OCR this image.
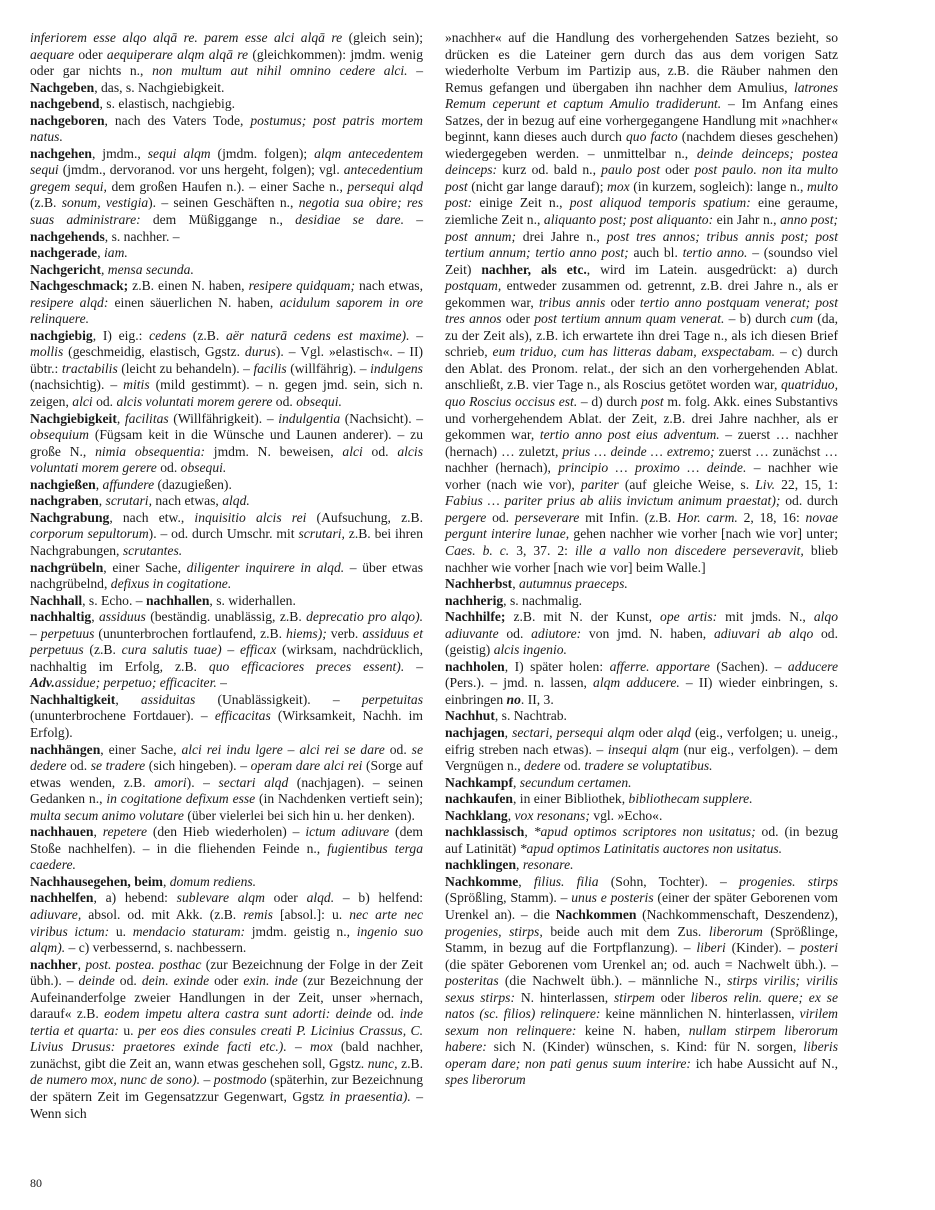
inferiorem esse alqo alqā re. parem esse alci alqā re (gleich sein); aequare oder aequiperare alqm alqā re (gleichkommen): jmdm. wenig oder gar nichts n., non multum aut nihil omnino cedere alci. – Nachgeben, das, s. Nachgiebigkeit.

nachgebend, s. elastisch, nachgiebig.

nachgeboren, nach des Vaters Tode, postumus; post patris mortem natus.

nachgehen, jmdm., sequi alqm (jmdm. folgen); alqm antecedentem sequi (jmdm., dervoranod. vor uns hergeht, folgen); vgl. antecedentium gregem sequi, dem großen Haufen n.). – einer Sache n., persequi alqd (z.B. sonum, vestigia). – seinen Geschäften n., negotia sua obire; res suas administrare: dem Müßiggange n., desidiae se dare. – nachgehends, s. nachher. –

nachgerade, iam.

Nachgericht, mensa secunda.

Nachgeschmack; z.B. einen N. haben, resipere quidquam; nach etwas, resipere alqd: einen säuerlichen N. haben, acidulum saporem in ore relinquere.

nachgiebig, I) eig.: cedens (z.B. aër naturā cedens est maxime). – mollis (geschmeidig, elastisch, Ggstz. durus). – Vgl. »elastisch«. – II) übtr.: tractabilis (leicht zu behandeln). – facilis (willfährig). – indulgens (nachsichtig). – mitis (mild gestimmt). – n. gegen jmd. sein, sich n. zeigen, alci od. alcis voluntati morem gerere od. obsequi.

Nachgiebigkeit, facilitas (Willfährigkeit). – indulgentia (Nachsicht). – obsequium (Fügsam keit in die Wünsche und Launen anderer). – zu große N., nimia obsequentia: jmdm. N. beweisen, alci od. alcis voluntati morem gerere od. obsequi.

nachgießen, affundere (dazugießen).

nachgraben, scrutari, nach etwas, alqd.

Nachgrabung, nach etw., inquisitio alcis rei (Aufsuchung, z.B. corporum sepultorum). – od. durch Umschr. mit scrutari, z.B. bei ihren Nachgrabungen, scrutantes.

nachgrübeln, einer Sache, diligenter inquirere in alqd. – über etwas nachgrübelnd, defixus in cogitatione.

Nachhall, s. Echo. – nachhallen, s. widerhallen.

nachhaltig, assiduus (beständig. unablässig, z.B. deprecatio pro alqo). – perpetuus (ununterbrochen fortlaufend, z.B. hiems); verb. assiduus et perpetuus (z.B. cura salutis tuae) – efficax (wirksam, nachdrücklich, nachhaltig im Erfolg, z.B. quo efficaciores preces essent). – Adv.assidue; perpetuo; efficaciter. –

Nachhaltigkeit, assiduitas (Unablässigkeit). – perpetuitas (ununterbrochene Fortdauer). – efficacitas (Wirksamkeit, Nachh. im Erfolg).

nachhängen, einer Sache, alci rei indu lgere – alci rei se dare od. se dedere od. se tradere (sich hingeben). – operam dare alci rei (Sorge auf etwas wenden, z.B. amori). – sectari alqd (nachjagen). – seinen Gedanken n., in cogitatione defixum esse (in Nachdenken vertieft sein); multa secum animo volutare (über vielerlei bei sich hin u. her denken).

nachhauen, repetere (den Hieb wiederholen) – ictum adiuvare (dem Stoße nachhelfen). – in die fliehenden Feinde n., fugientibus terga caedere.

Nachhausegehen, beim, domum rediens.

nachhelfen, a) hebend: sublevare alqm oder alqd. – b) helfend: adiuvare, absol. od. mit Akk. (z.B. remis [absol.]: u. nec arte nec viribus ictum: u. mendacio staturam: jmdm. geistig n., ingenio suo alqm). – c) verbessernd, s. nachbessern.

nachher, post. postea. posthac (zur Bezeichnung der Folge in der Zeit übh.). – deinde od. dein. exinde oder exin. inde (zur Bezeichnung der Aufeinanderfolge zweier Handlungen in der Zeit, unser »hernach, darauf« z.B. eodem impetu altera castra sunt adorti: deinde od. inde tertia et quarta: u. per eos dies consules creati P. Licinius Crassus, C. Livius Drusus: praetores exinde facti etc.). – mox (bald nachher, zunächst, gibt die Zeit an, wann etwas geschehen soll, Ggstz. nunc, z.B. de numero mox, nunc de sono). – postmodo (späterhin, zur Bezeichnung der spätern Zeit im Gegensatzzur Gegenwart, Ggstz in praesentia). – Wenn sich

»nachher« auf die Handlung des vorhergehenden Satzes bezieht, so drücken es die Lateiner gern durch das aus dem vorigen Satz wiederholte Verbum im Partizip aus, z.B. die Räuber nahmen den Remus gefangen und übergaben ihn nachher dem Amulius, latrones Remum ceperunt et captum Amulio tradiderunt. – Im Anfang eines Satzes, der in bezug auf eine vorhergegangene Handlung mit »nachher« beginnt, kann dieses auch durch quo facto (nachdem dieses geschehen) wiedergegeben werden. – unmittelbar n., deinde deinceps; postea deinceps: kurz od. bald n., paulo post oder post paulo. non ita multo post (nicht gar lange darauf); mox (in kurzem, sogleich): lange n., multo post: einige Zeit n., post aliquod temporis spatium: eine geraume, ziemliche Zeit n., aliquanto post; post aliquanto: ein Jahr n., anno post; post annum; drei Jahre n., post tres annos; tribus annis post; post tertium annum; tertio anno post; auch bl. tertio anno. – (soundso viel Zeit) nachher, als etc., wird im Latein. ausgedrückt: a) durch postquam, entweder zusammen od. getrennt, z.B. drei Jahre n., als er gekommen war, tribus annis oder tertio anno postquam venerat; post tres annos oder post tertium annum quam venerat. – b) durch cum (da, zu der Zeit als), z.B. ich erwartete ihn drei Tage n., als ich diesen Brief schrieb, eum triduo, cum has litteras dabam, exspectabam. – c) durch den Ablat. des Pronom. relat., der sich an den vorhergehenden Ablat. anschließt, z.B. vier Tage n., als Roscius getötet worden war, quatriduo, quo Roscius occisus est. – d) durch post m. folg. Akk. eines Substantivs und vorhergehendem Ablat. der Zeit, z.B. drei Jahre nachher, als er gekommen war, tertio anno post eius adventum. – zuerst … nachher (hernach) … zuletzt, prius … deinde … extremo; zuerst … zunächst … nachher (hernach), principio … proximo … deinde. – nachher wie vorher (nach wie vor), pariter (auf gleiche Weise, s. Liv. 22, 15, 1: Fabius … pariter prius ab aliis invictum animum praestat); od. durch pergere od. perseverare mit Infin. (z.B. Hor. carm. 2, 18, 16: novae pergunt interire lunae, gehen nachher wie vorher [nach wie vor] unter; Caes. b. c. 3, 37. 2: ille a vallo non discedere perseveravit, blieb nachher wie vorher [nach wie vor] beim Walle.]

Nachherbst, autumnus praeceps.

nachherig, s. nachmalig.

Nachhilfe; z.B. mit N. der Kunst, ope artis: mit jmds. N., alqo adiuvante od. adiutore: von jmd. N. haben, adiuvari ab alqo od. (geistig) alcis ingenio.

nachholen, I) später holen: afferre. apportare (Sachen). – adducere (Pers.). – jmd. n. lassen, alqm adducere. – II) wieder einbringen, s. einbringen no. II, 3.

Nachhut, s. Nachtrab.

nachjagen, sectari, persequi alqm oder alqd (eig., verfolgen; u. uneig., eifrig streben nach etwas). – insequi alqm (nur eig., verfolgen). – dem Vergnügen n., dedere od. tradere se voluptatibus.

Nachkampf, secundum certamen.

nachkaufen, in einer Bibliothek, bibliothecam supplere.

Nachklang, vox resonans; vgl. »Echo«.

nachklassisch, *apud optimos scriptores non usitatus; od. (in bezug auf Latinität) *apud optimos Latinitatis auctores non usitatus.

nachklingen, resonare.

Nachkomme, filius. filia (Sohn, Tochter). – progenies. stirps (Sprößling, Stamm). – unus e posteris (einer der später Geborenen vom Urenkel an). – die Nachkommen (Nachkommenschaft, Deszendenz), progenies, stirps, beide auch mit dem Zus. liberorum (Sprößlinge, Stamm, in bezug auf die Fortpflanzung). – liberi (Kinder). – posteri (die später Geborenen vom Urenkel an; od. auch = Nachwelt übh.). – posteritas (die Nachwelt übh.). – männliche N., stirps virilis; virilis sexus stirps: N. hinterlassen, stirpem oder liberos relin. quere; ex se natos (sc. filios) relinquere: keine männlichen N. hinterlassen, virilem sexum non relinquere: keine N. haben, nullam stirpem liberorum habere: sich N. (Kinder) wünschen, s. Kind: für N. sorgen, liberis operam dare; non pati genus suum interire: ich habe Aussicht auf N., spes liberorum

80
